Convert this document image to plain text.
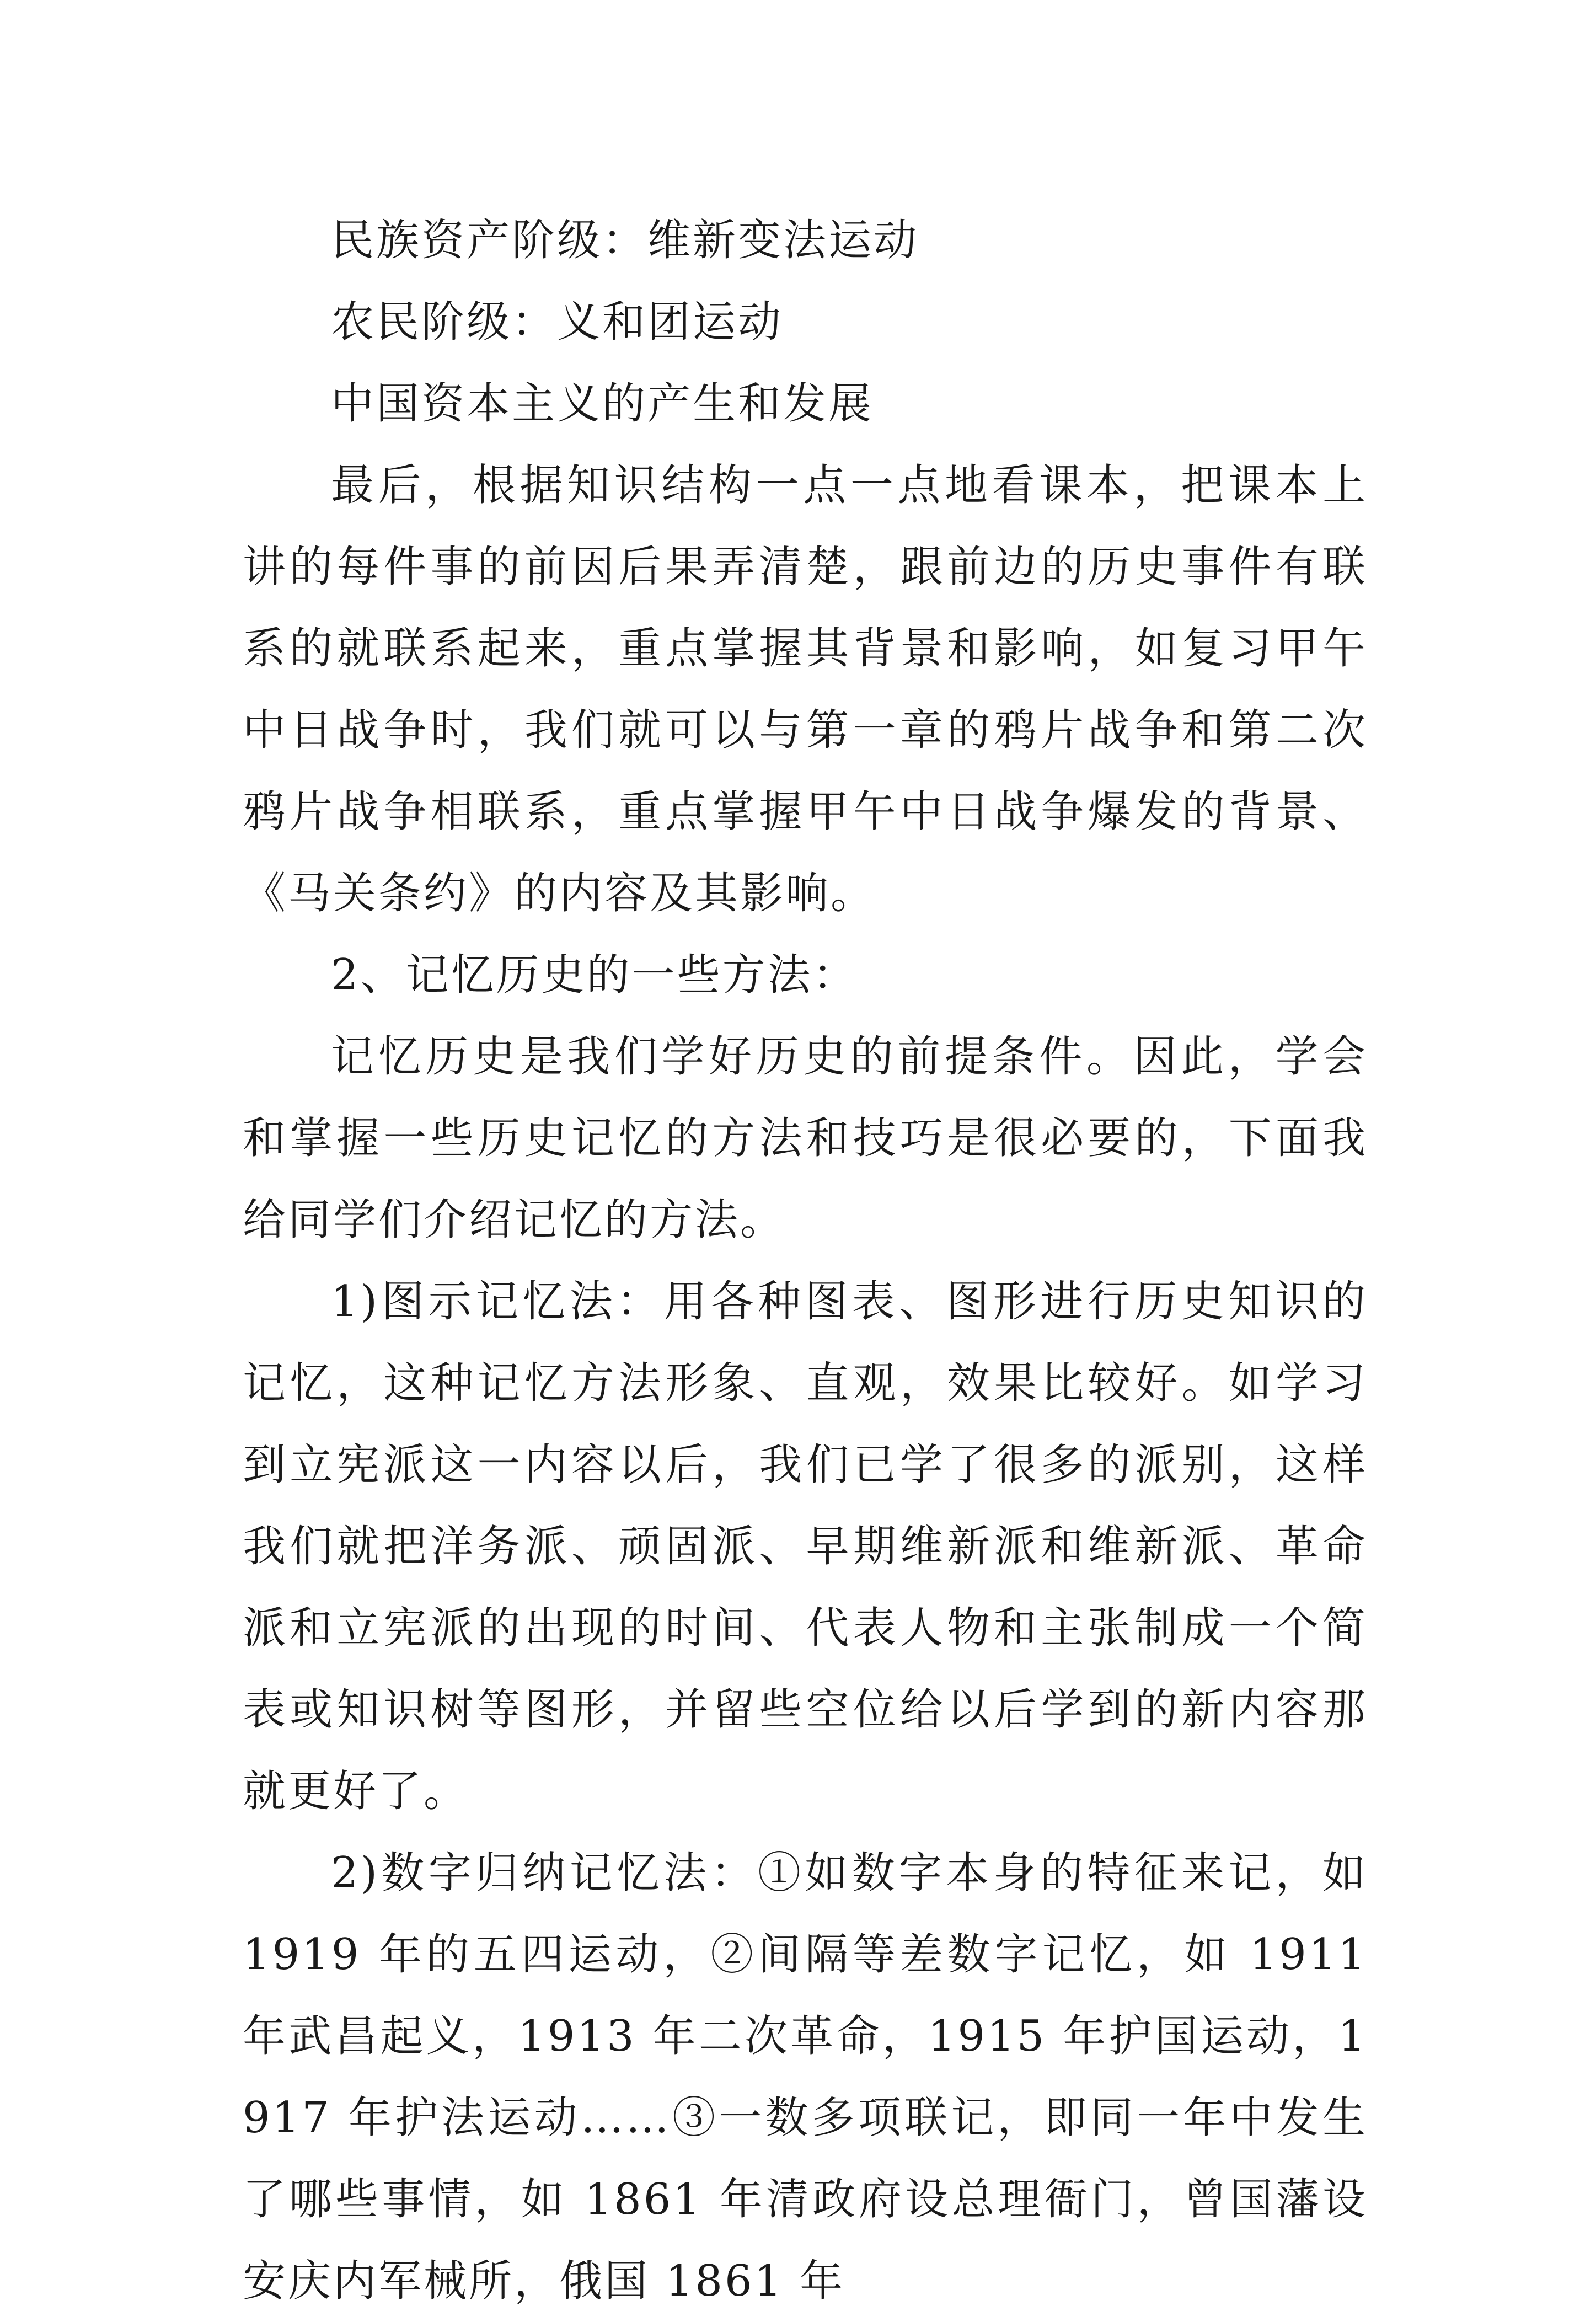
民族资产阶级：维新变法运动

农民阶级：义和团运动

中国资本主义的产生和发展

最后，根据知识结构一点一点地看课本，把课本上讲的每件事的前因后果弄清楚，跟前边的历史事件有联系的就联系起来，重点掌握其背景和影响，如复习甲午中日战争时，我们就可以与第一章的鸦片战争和第二次鸦片战争相联系，重点掌握甲午中日战争爆发的背景、《马关条约》的内容及其影响。

2、记忆历史的一些方法：

记忆历史是我们学好历史的前提条件。因此，学会和掌握一些历史记忆的方法和技巧是很必要的，下面我给同学们介绍记忆的方法。

1)图示记忆法：用各种图表、图形进行历史知识的记忆，这种记忆方法形象、直观，效果比较好。如学习到立宪派这一内容以后，我们已学了很多的派别，这样我们就把洋务派、顽固派、早期维新派和维新派、革命派和立宪派的出现的时间、代表人物和主张制成一个简表或知识树等图形，并留些空位给以后学到的新内容那就更好了。

2)数字归纳记忆法：①如数字本身的特征来记，如 1919 年的五四运动，②间隔等差数字记忆，如 1911 年武昌起义，1913 年二次革命，1915 年护国运动，1917 年护法运动……③一数多项联记，即同一年中发生了哪些事情，如 1861 年清政府设总理衙门，曾国藩设安庆内军械所，俄国 1861 年
